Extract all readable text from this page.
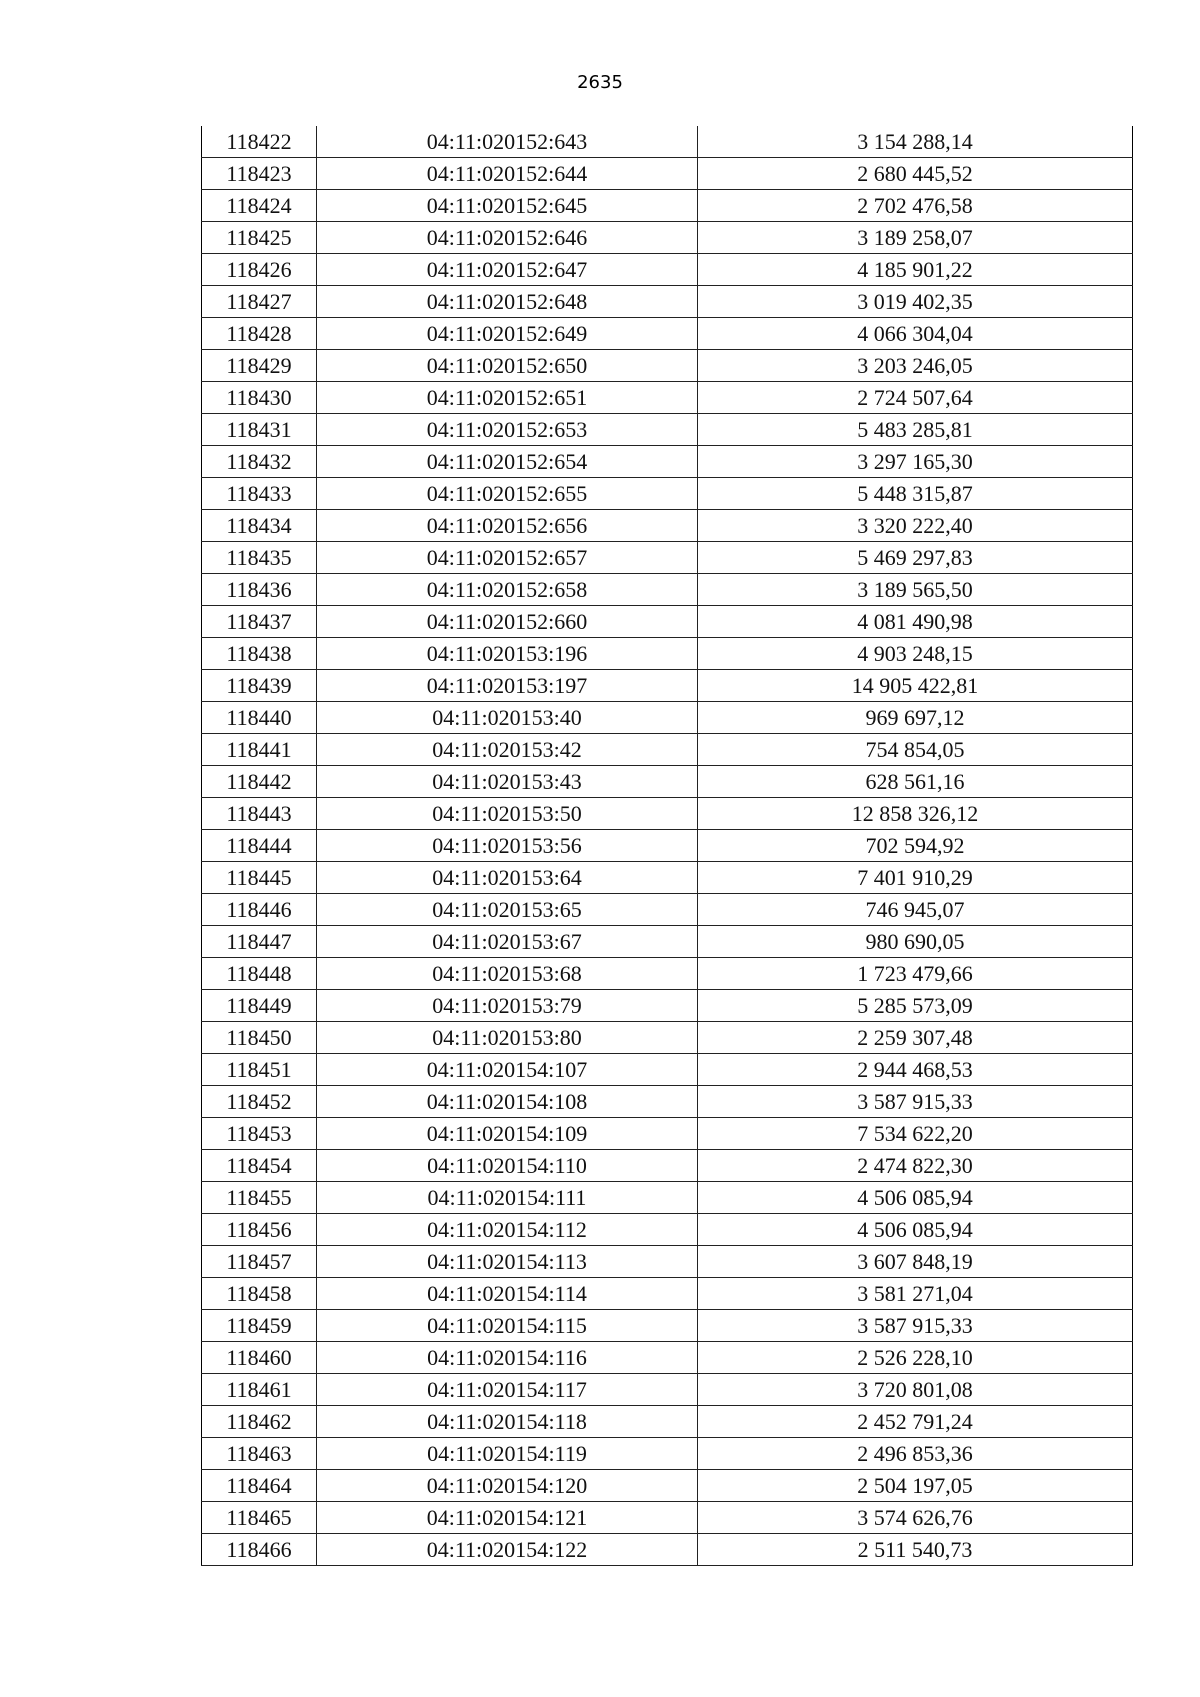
2635
118422	04:11:020152:643	3 154 288,14
118423	04:11:020152:644	2 680 445,52
118424	04:11:020152:645	2 702 476,58
118425	04:11:020152:646	3 189 258,07
118426	04:11:020152:647	4 185 901,22
118427	04:11:020152:648	3 019 402,35
118428	04:11:020152:649	4 066 304,04
118429	04:11:020152:650	3 203 246,05
118430	04:11:020152:651	2 724 507,64
118431	04:11:020152:653	5 483 285,81
118432	04:11:020152:654	3 297 165,30
118433	04:11:020152:655	5 448 315,87
118434	04:11:020152:656	3 320 222,40
118435	04:11:020152:657	5 469 297,83
118436	04:11:020152:658	3 189 565,50
118437	04:11:020152:660	4 081 490,98
118438	04:11:020153:196	4 903 248,15
118439	04:11:020153:197	14 905 422,81
118440	04:11:020153:40	969 697,12
118441	04:11:020153:42	754 854,05
118442	04:11:020153:43	628 561,16
118443	04:11:020153:50	12 858 326,12
118444	04:11:020153:56	702 594,92
118445	04:11:020153:64	7 401 910,29
118446	04:11:020153:65	746 945,07
118447	04:11:020153:67	980 690,05
118448	04:11:020153:68	1 723 479,66
118449	04:11:020153:79	5 285 573,09
118450	04:11:020153:80	2 259 307,48
118451	04:11:020154:107	2 944 468,53
118452	04:11:020154:108	3 587 915,33
118453	04:11:020154:109	7 534 622,20
118454	04:11:020154:110	2 474 822,30
118455	04:11:020154:111	4 506 085,94
118456	04:11:020154:112	4 506 085,94
118457	04:11:020154:113	3 607 848,19
118458	04:11:020154:114	3 581 271,04
118459	04:11:020154:115	3 587 915,33
118460	04:11:020154:116	2 526 228,10
118461	04:11:020154:117	3 720 801,08
118462	04:11:020154:118	2 452 791,24
118463	04:11:020154:119	2 496 853,36
118464	04:11:020154:120	2 504 197,05
118465	04:11:020154:121	3 574 626,76
118466	04:11:020154:122	2 511 540,73
